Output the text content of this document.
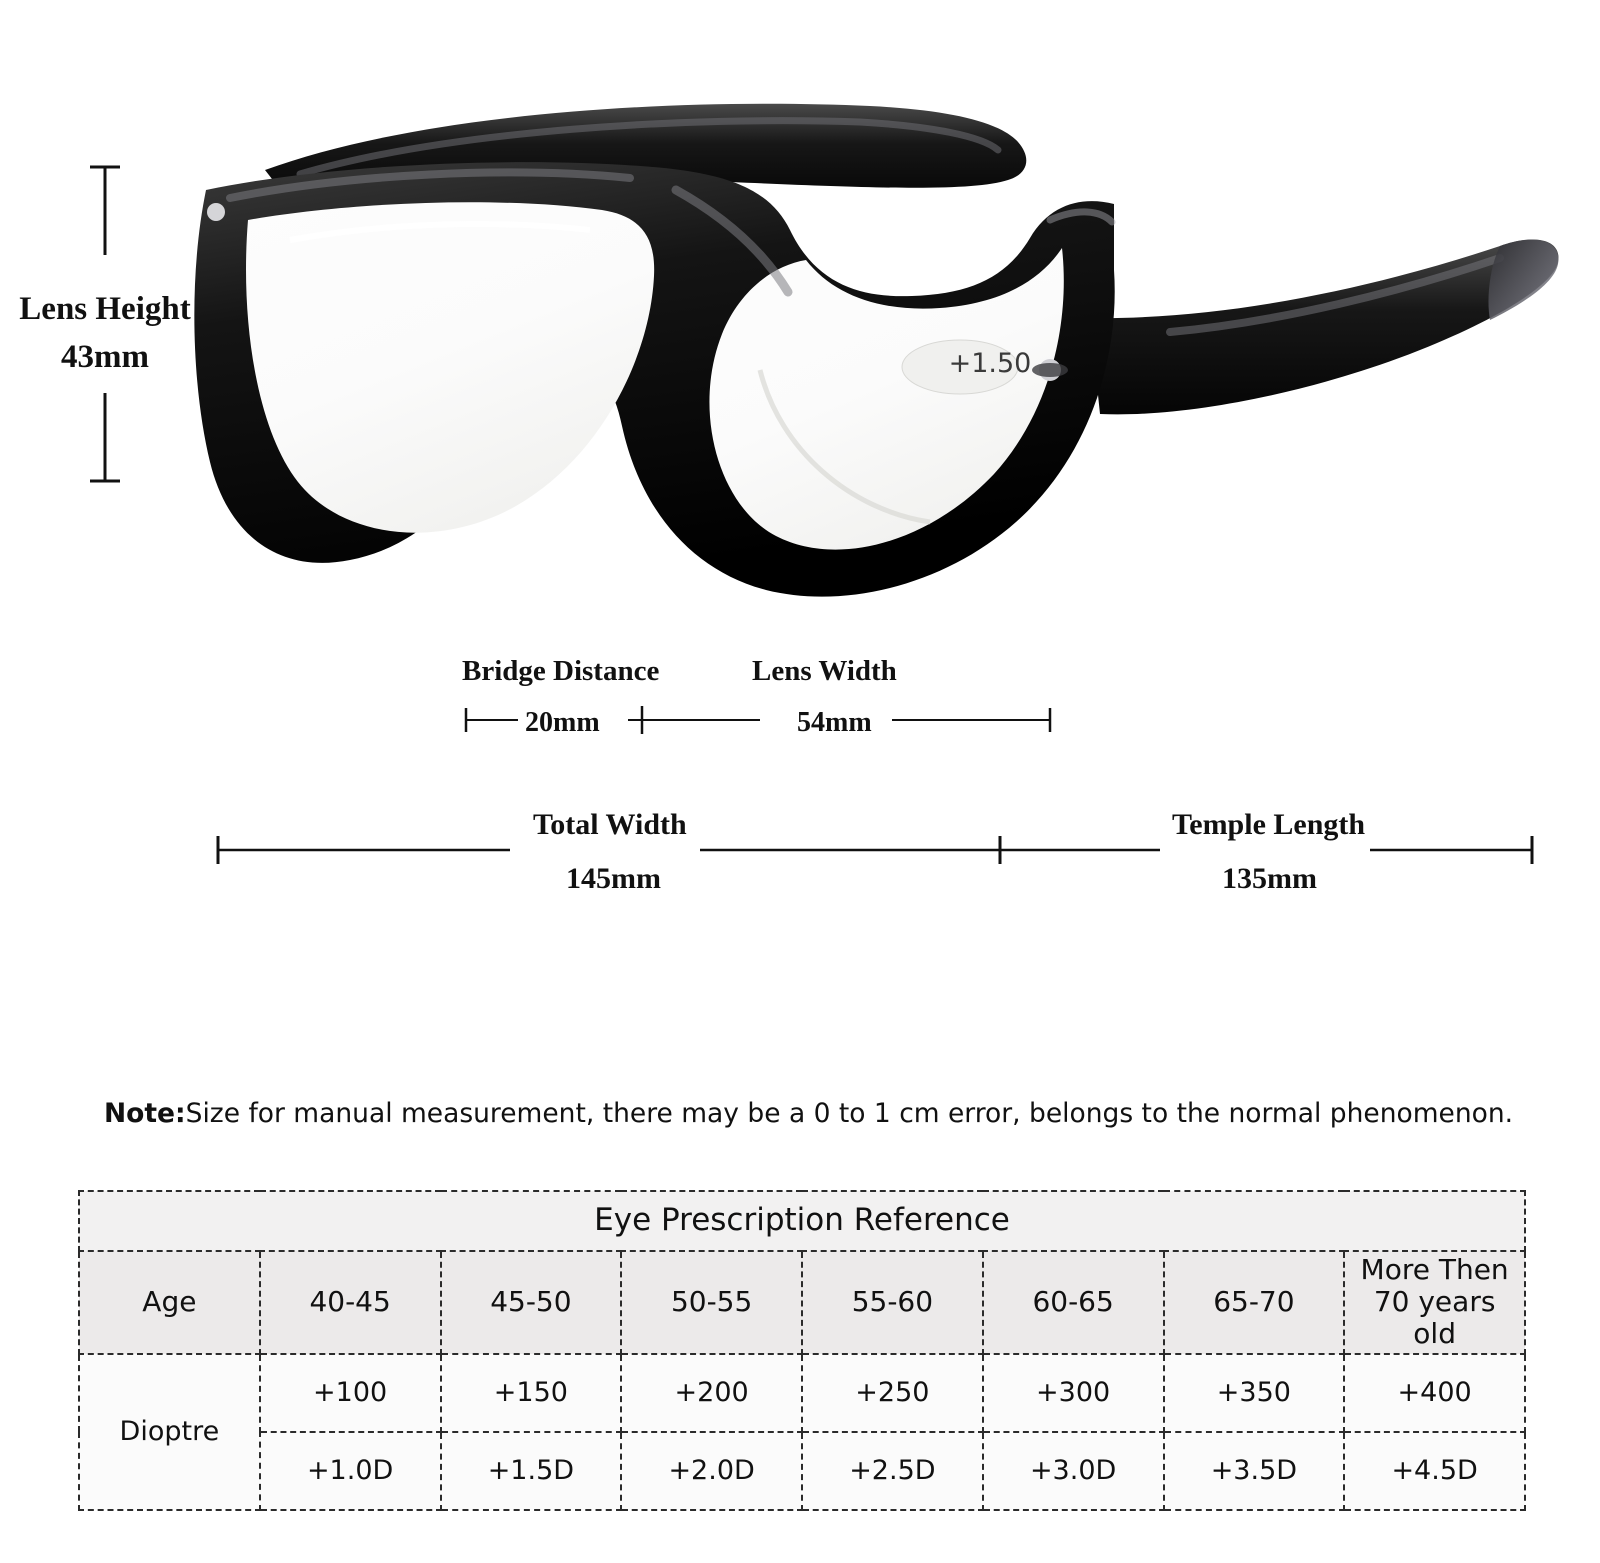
+1.50
Lens Height
43mm
Bridge Distance	Lens Width
20mm	54mm
Total Width	Temple Length
145mm	135mm
Note:Size for manual measurement, there may be a 0 to 1 cm error, belongs to the normal phenomenon.
Eye Prescription Reference							
Age	40-45	45-50	50-55	55-60	60-65	65-70	More Then 70 years old
Dioptre	+100	+150	+200	+250	+300	+350	+400
	+1.0D	+1.5D	+2.0D	+2.5D	+3.0D	+3.5D	+4.5D
